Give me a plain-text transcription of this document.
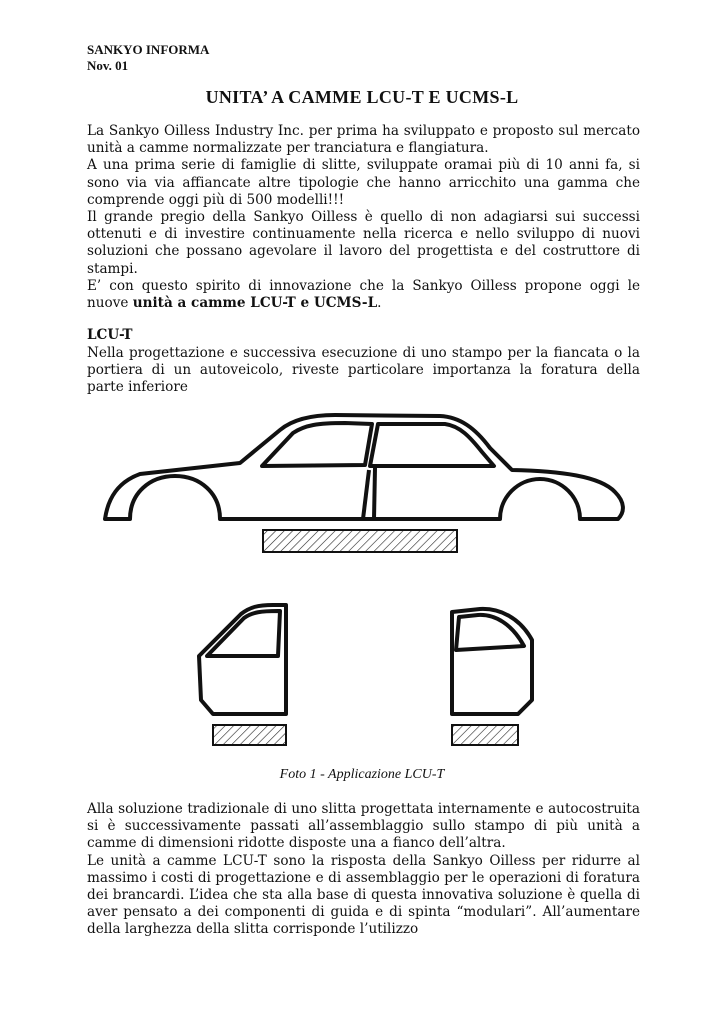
SANKYO INFORMA
Nov. 01
UNITA’ A CAMME LCU-T E UCMS-L

La Sankyo Oilless Industry Inc. per prima ha sviluppato e proposto sul mercato unità a camme normalizzate per tranciatura e flangiatura.

A una prima serie di famiglie di slitte, sviluppate oramai più di 10 anni fa, si sono via via affiancate altre tipologie che hanno arricchito una gamma che comprende oggi più di 500 modelli!!!

Il grande pregio della Sankyo Oilless è quello di non adagiarsi sui successi ottenuti e di investire continuamente nella ricerca e nello sviluppo di nuovi soluzioni che possano agevolare il lavoro del progettista e del costruttore di stampi.

E’ con questo spirito di innovazione che la Sankyo Oilless propone oggi le nuove unità a camme LCU-T e UCMS-L.

LCU-T

Nella progettazione e successiva esecuzione di uno stampo per la fiancata o la portiera di un autoveicolo, riveste particolare importanza la foratura della parte inferiore

Foto 1 - Applicazione LCU-T

Alla soluzione tradizionale di uno slitta progettata internamente e autocostruita si è successivamente passati all’assemblaggio sullo stampo di più unità a camme di dimensioni ridotte disposte una a fianco dell’altra.

Le unità a camme LCU-T sono la risposta della Sankyo Oilless per ridurre al massimo i costi di progettazione e di assemblaggio per le operazioni di foratura dei brancardi. L’idea che sta alla base di questa innovativa soluzione è quella di aver pensato a dei componenti di guida e di spinta “modulari”. All’aumentare della larghezza della slitta corrisponde l’utilizzo
